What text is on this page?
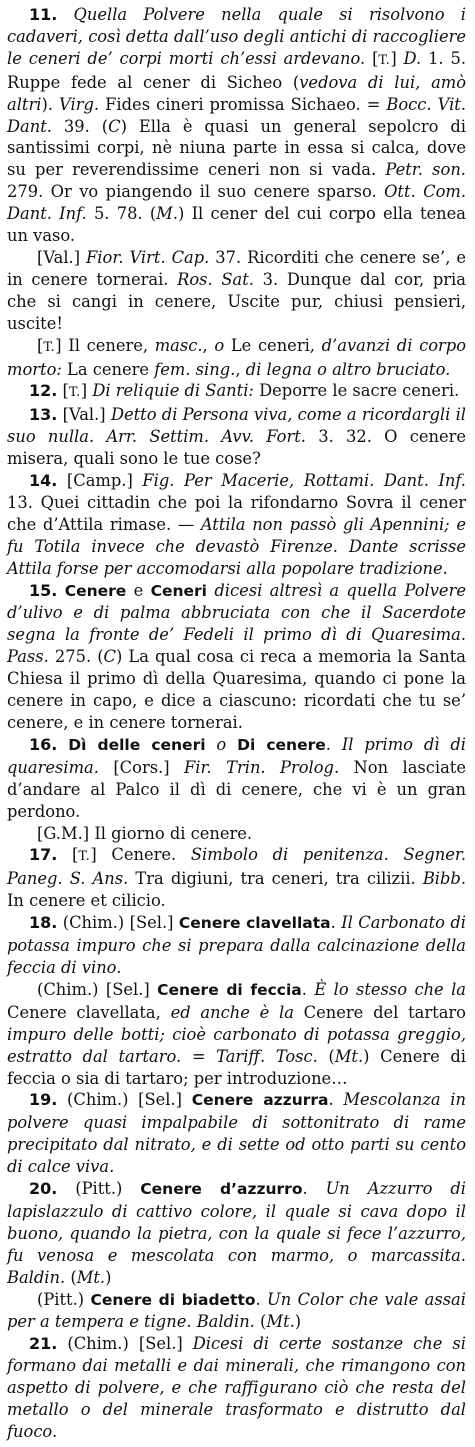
11. Quella Polvere nella quale si risolvono i cadaveri, così detta dall’uso degli antichi di raccogliere le ceneri de’ corpi morti ch’essi ardevano. [T.] D. 1. 5. Ruppe fede al cener di Sicheo (vedova di lui, amò altri). Virg. Fides cineri promissa Sichaeo. = Bocc. Vit. Dant. 39. (C) Ella è quasi un general sepolcro di santissimi corpi, nè niuna parte in essa si calca, dove su per reverendissime ceneri non si vada. Petr. son. 279. Or vo piangendo il suo cenere sparso. Ott. Com. Dant. Inf. 5. 78. (M.) Il cener del cui corpo ella tenea un vaso.

[Val.] Fior. Virt. Cap. 37. Ricorditi che cenere se’, e in cenere tornerai. Ros. Sat. 3. Dunque dal cor, pria che si cangi in cenere, Uscite pur, chiusi pensieri, uscite!

[T.] Il cenere, masc., o Le ceneri, d’avanzi di corpo morto: La cenere fem. sing., di legna o altro bruciato.

12. [T.] Di reliquie di Santi: Deporre le sacre ceneri.

13. [Val.] Detto di Persona viva, come a ricordargli il suo nulla. Arr. Settim. Avv. Fort. 3. 32. O cenere misera, quali sono le tue cose?

14. [Camp.] Fig. Per Macerie, Rottami. Dant. Inf. 13. Quei cittadin che poi la rifondarno Sovra il cener che d’Attila rimase. — Attila non passò gli Apennini; e fu Totila invece che devastò Firenze. Dante scrisse Attila forse per accomodarsi alla popolare tradizione.

15. Cenere e Ceneri dicesi altresì a quella Polvere d’ulivo e di palma abbruciata con che il Sacerdote segna la fronte de’ Fedeli il primo dì di Quaresima. Pass. 275. (C) La qual cosa ci reca a memoria la Santa Chiesa il primo dì della Quaresima, quando ci pone la cenere in capo, e dice a ciascuno: ricordati che tu se’ cenere, e in cenere tornerai.

16. Dì delle ceneri o Di cenere. Il primo dì di quaresima. [Cors.] Fir. Trin. Prolog. Non lasciate d’andare al Palco il dì di cenere, che vi è un gran perdono.

[G.M.] Il giorno di cenere.

17. [T.] Cenere. Simbolo di penitenza. Segner. Paneg. S. Ans. Tra digiuni, tra ceneri, tra cilizii. Bibb. In cenere et cilicio.

18. (Chim.) [Sel.] Cenere clavellata. Il Carbonato di potassa impuro che si prepara dalla calcinazione della feccia di vino.

(Chim.) [Sel.] Cenere di feccia. È lo stesso che la Cenere clavellata, ed anche è la Cenere del tartaro impuro delle botti; cioè carbonato di potassa greggio, estratto dal tartaro. = Tariff. Tosc. (Mt.) Cenere di feccia o sia di tartaro; per introduzione…

19. (Chim.) [Sel.] Cenere azzurra. Mescolanza in polvere quasi impalpabile di sottonitrato di rame precipitato dal nitrato, e di sette od otto parti su cento di calce viva.

20. (Pitt.) Cenere d’azzurro. Un Azzurro di lapislazzulo di cattivo colore, il quale si cava dopo il buono, quando la pietra, con la quale si fece l’azzurro, fu venosa e mescolata con marmo, o marcassita. Baldin. (Mt.)

(Pitt.) Cenere di biadetto. Un Color che vale assai per a tempera e tigne. Baldin. (Mt.)

21. (Chim.) [Sel.] Dicesi di certe sostanze che si formano dai metalli e dai minerali, che rimangono con aspetto di polvere, e che raffigurano ciò che resta del metallo o del minerale trasformato e distrutto dal fuoco.
